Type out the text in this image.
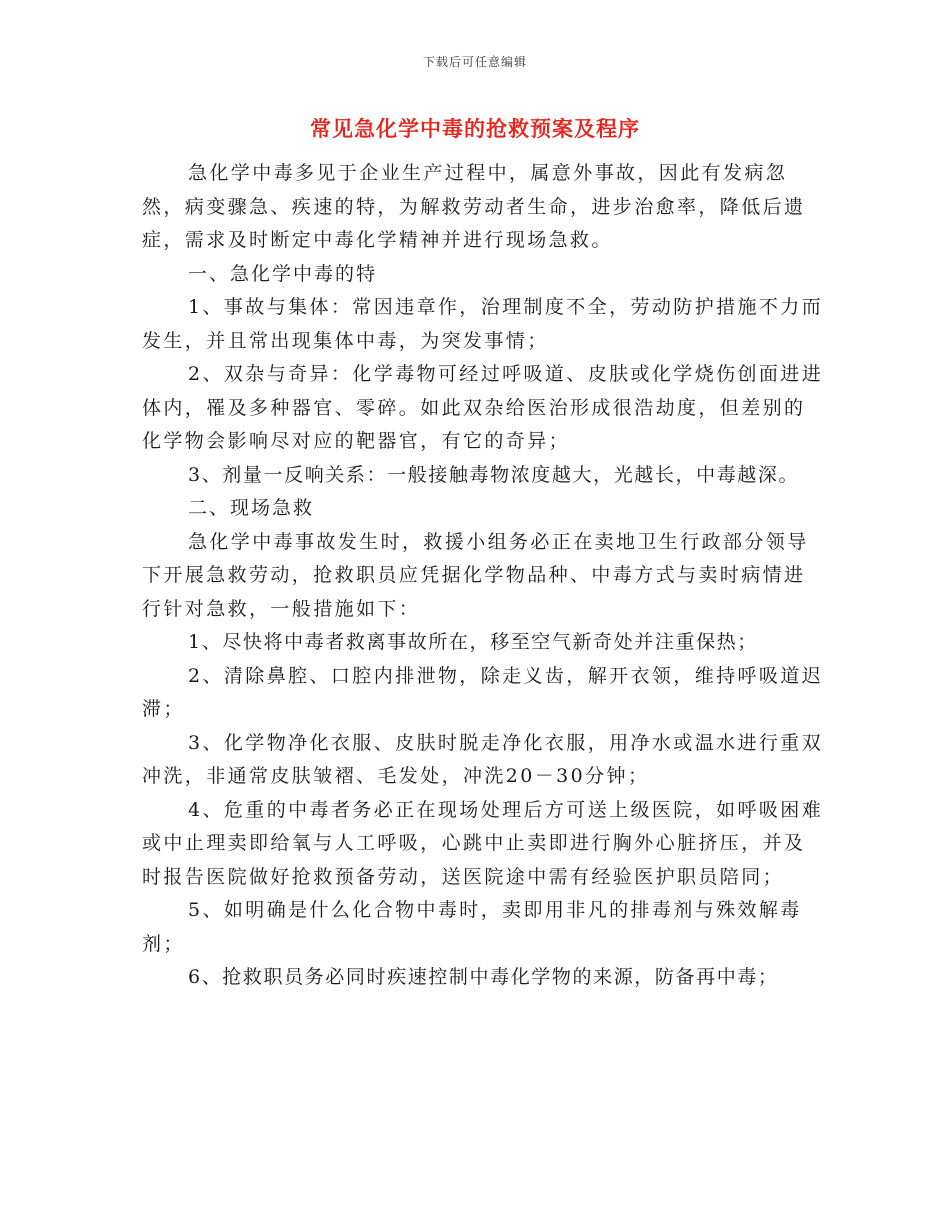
下载后可任意编辑
常见急化学中毒的抢救预案及程序

急化学中毒多见于企业生产过程中，属意外事故，因此有发病忽然，病变骤急、疾速的特，为解救劳动者生命，进步治愈率，降低后遗症，需求及时断定中毒化学精神并进行现场急救。

一、急化学中毒的特

1、事故与集体：常因违章作，治理制度不全，劳动防护措施不力而发生，并且常出现集体中毒，为突发事情；

2、双杂与奇异：化学毒物可经过呼吸道、皮肤或化学烧伤创面进进体内，罹及多种器官、零碎。如此双杂给医治形成很浩劫度，但差别的化学物会影响尽对应的靶器官，有它的奇异；

3、剂量一反响关系：一般接触毒物浓度越大，光越长，中毒越深。

二、现场急救

急化学中毒事故发生时，救援小组务必正在卖地卫生行政部分领导下开展急救劳动，抢救职员应凭据化学物品种、中毒方式与卖时病情进行针对急救，一般措施如下：

1、尽快将中毒者救离事故所在，移至空气新奇处并注重保热；

2、清除鼻腔、口腔内排泄物，除走义齿，解开衣领，维持呼吸道迟滞；

3、化学物净化衣服、皮肤时脱走净化衣服，用净水或温水进行重双冲洗，非通常皮肤皱褶、毛发处，冲洗20－30分钟；

4、危重的中毒者务必正在现场处理后方可送上级医院，如呼吸困难或中止理卖即给氧与人工呼吸，心跳中止卖即进行胸外心脏挤压，并及时报告医院做好抢救预备劳动，送医院途中需有经验医护职员陪同；

5、如明确是什么化合物中毒时，卖即用非凡的排毒剂与殊效解毒剂；

6、抢救职员务必同时疾速控制中毒化学物的来源，防备再中毒；
